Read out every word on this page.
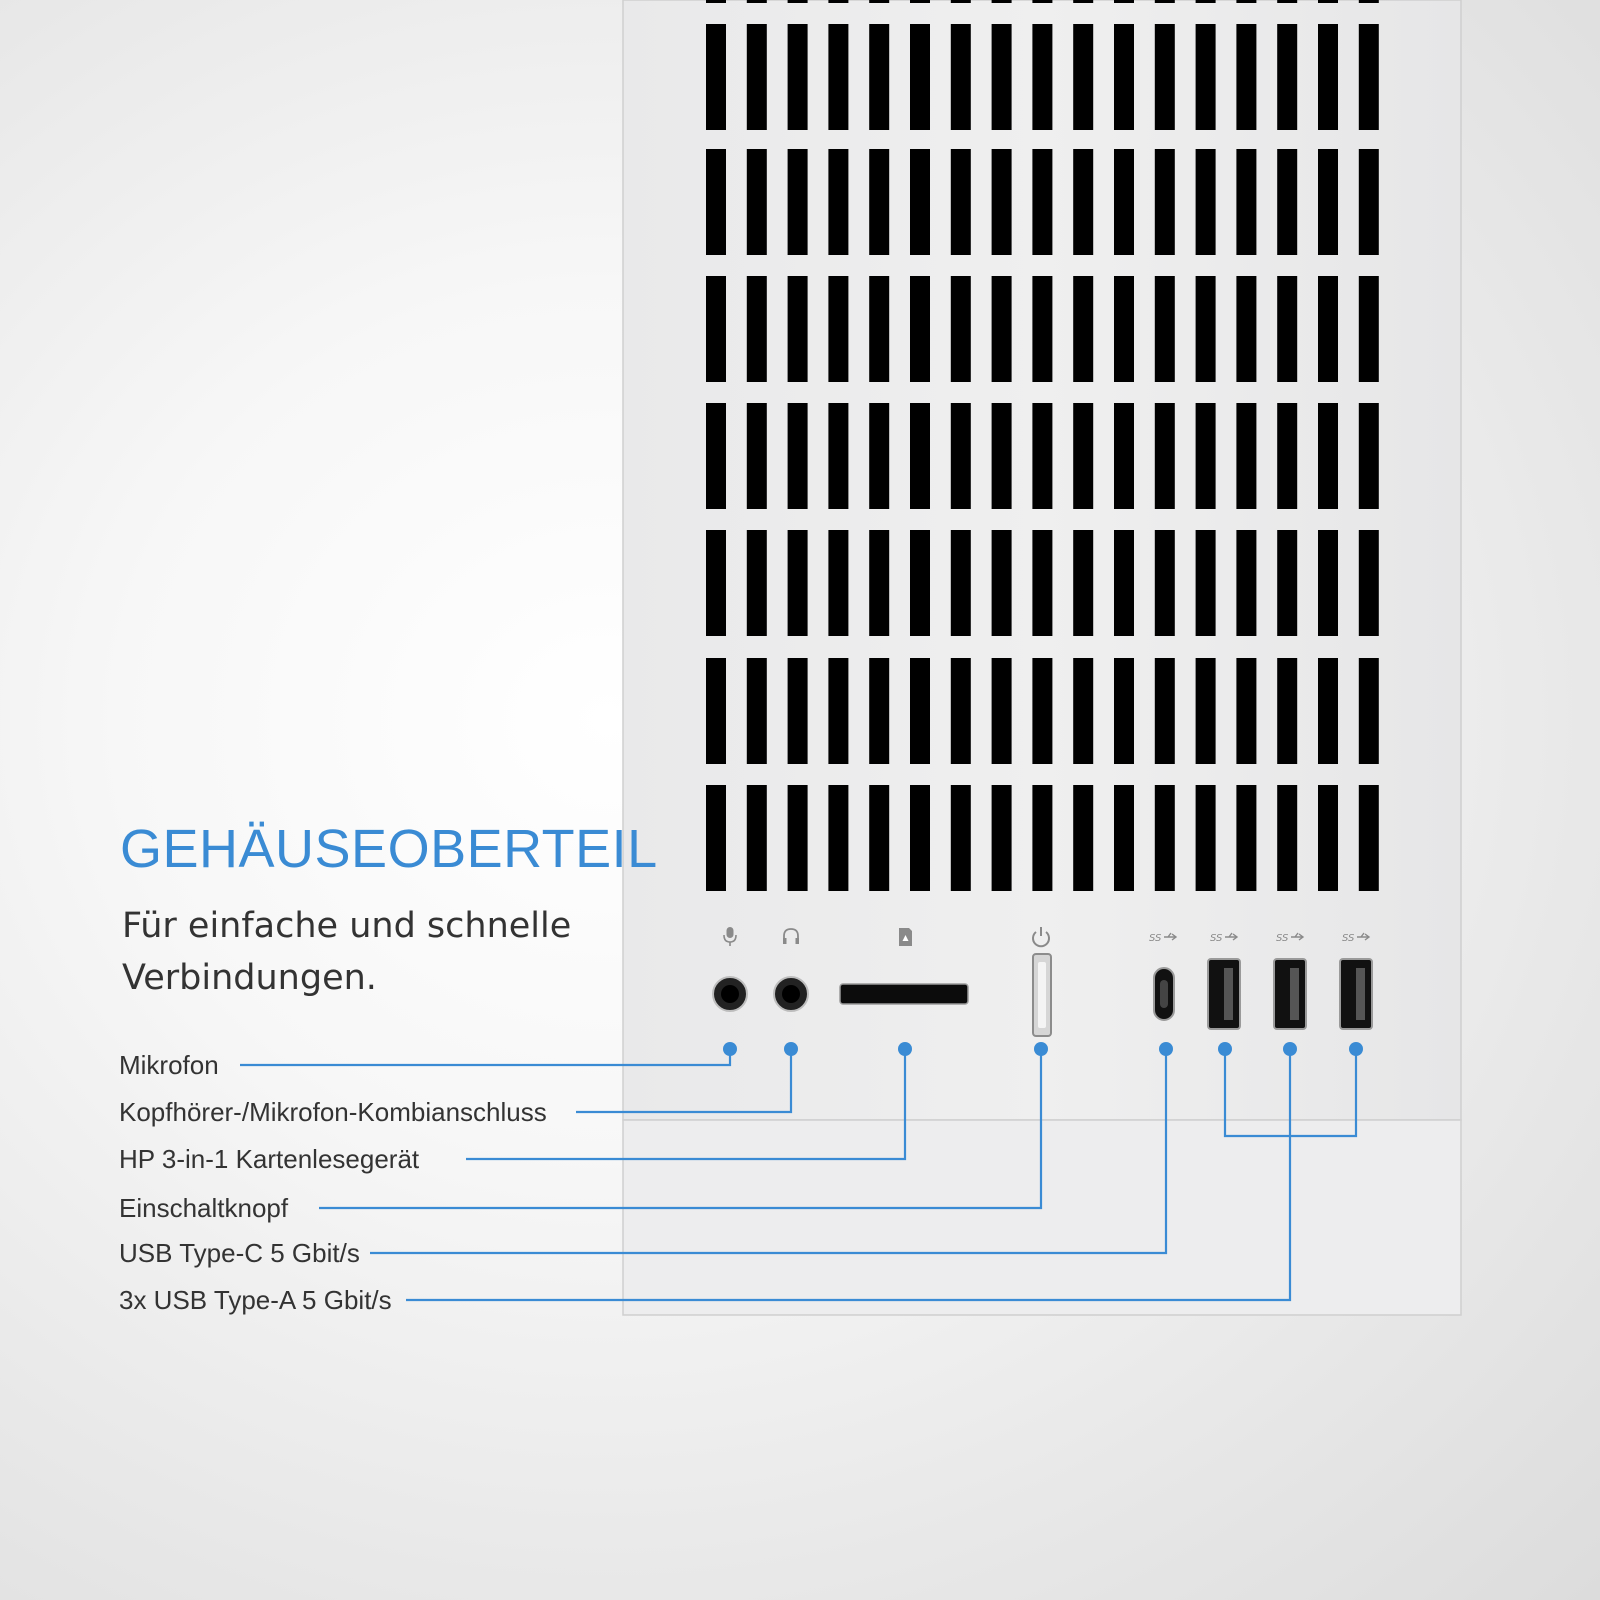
SS	SS	SS	SS
GEHÄUSEOBERTEIL

Für einfache und schnelle
Verbindungen.

Mikrofon
Kopfhörer-/Mikrofon-Kombianschluss
HP 3-in-1 Kartenlesegerät
Einschaltknopf
USB Type-C 5 Gbit/s
3x USB Type-A 5 Gbit/s
